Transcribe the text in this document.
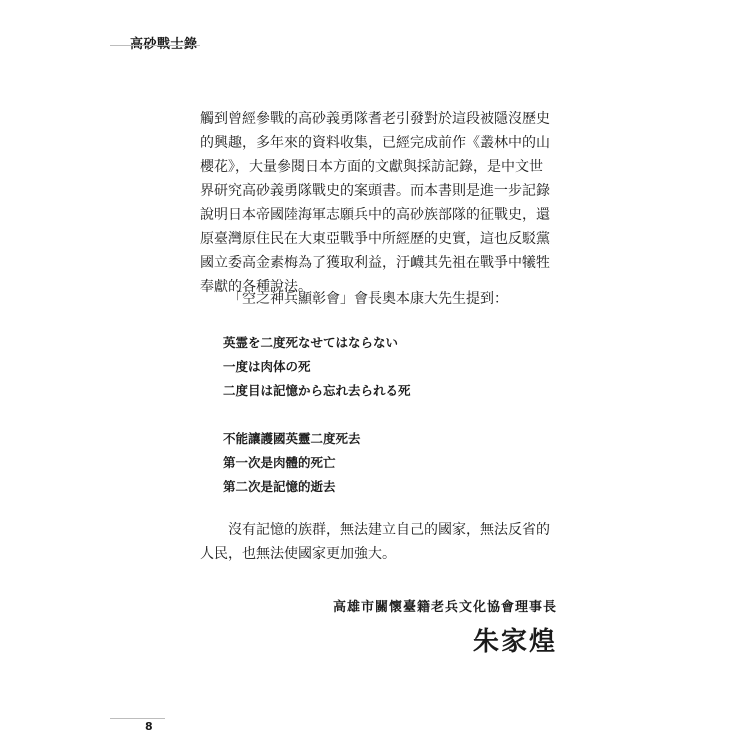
高砂戰士錄

觸到曾經參戰的高砂義勇隊耆老引發對於這段被隱沒歷史的興趣，多年來的資料收集，已經完成前作《叢林中的山櫻花》，大量參閱日本方面的文獻與採訪記錄，是中文世界研究高砂義勇隊戰史的案頭書。而本書則是進一步記錄說明日本帝國陸海軍志願兵中的高砂族部隊的征戰史，還原臺灣原住民在大東亞戰爭中所經歷的史實，這也反駁黨國立委高金素梅為了獲取利益，汙衊其先祖在戰爭中犧牲奉獻的各種說法。

「空之神兵顯彰會」會長奧本康大先生提到：

英霊を二度死なせてはならない
一度は肉体の死
二度目は記憶から忘れ去られる死
不能讓護國英靈二度死去
第一次是肉體的死亡
第二次是記憶的逝去

沒有記憶的族群，無法建立自己的國家，無法反省的人民，也無法使國家更加強大。

高雄市關懷臺籍老兵文化協會理事長
朱家煌
8
